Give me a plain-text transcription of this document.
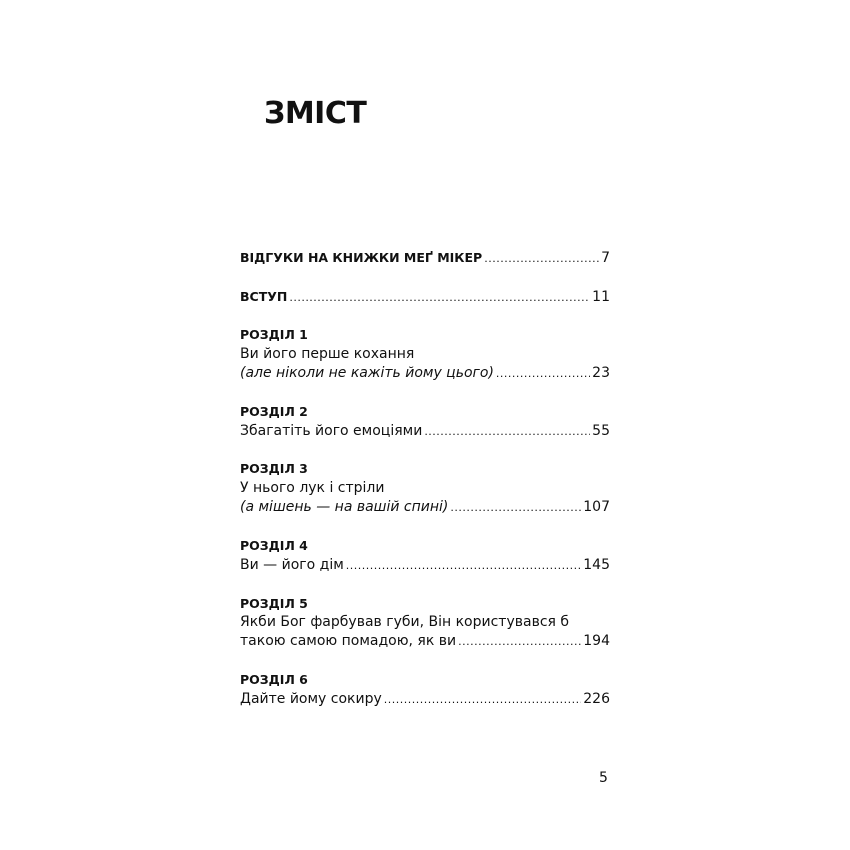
ЗМІСТ
ВІДГУКИ НА КНИЖКИ МЕҐ МІКЕР .....	7
ВСТУП .....	11
РОЗДІЛ 1
Ви його перше кохання
(але ніколи не кажіть йому цього) .....	23
РОЗДІЛ 2
Збагатіть його емоціями .....	55
РОЗДІЛ 3
У нього лук і стріли
(а мішень — на вашій спині) .....	107
РОЗДІЛ 4
Ви — його дім .....	145
РОЗДІЛ 5
Якби Бог фарбував губи, Він користувався б
такою самою помадою, як ви .....	194
РОЗДІЛ 6
Дайте йому сокиру .....	226
5
